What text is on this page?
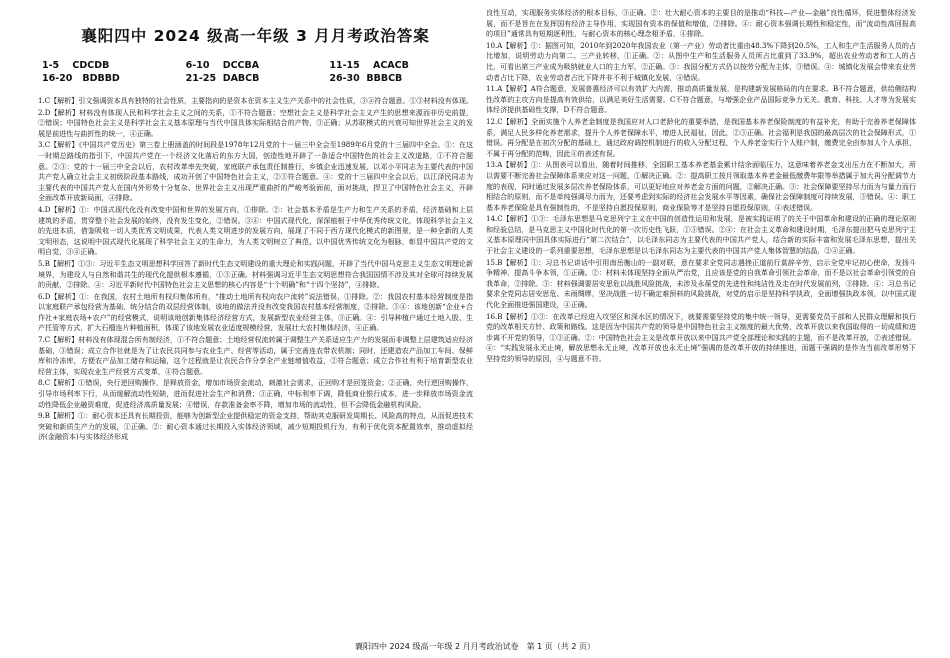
襄阳四中 2024 级高一年级 3 月月考政治答案
1-5 CDCDB	6-10 DCCBA	11-15 ACACB
16-20 BDBBD	21-25 DABCB	26-30 BBBCB

1.C【解析】引文强调资本具有独特的社会性质，主要指向的是资本在资本主义生产关系中的社会性质，③④符合题意。①③材料没有体现。

2.D【解析】材料没有体现人民和科学社会主义之间的关系，①不符合题意；空想社会主义是科学社会主义产生的思想来源而非历史前提，②错误；中国特色社会主义是科学社会主义基本原理与当代中国具体实际相结合的产物，③正确；从苏联模式的兴衰可知世界社会主义的发展是前进性与曲折性的统一，④正确。

3.C【解析】《中国共产党历史》第三卷上册涵盖的时间段是1978年12月党的十一届三中全会至1989年6月党的十三届四中全会。①：在这一时期总路线的指引下，中国共产党在一个经济文化落后的东方大国，创造性地开辟了一条适合中国特色的社会主义改道路，①不符合题意。②③：党的十一届三中全会以后，农村改革率先突破，家庭联产承包责任制推行，乡镇企业迅速发展，以邓小平同志为主要代表的中国共产党人确立社会主义初级阶段基本路线，成功开创了中国特色社会主义，②③符合题意。④：党的十三届四中全会以后，以江泽民同志为主要代表的中国共产党人在国内外形势十分复杂、世界社会主义出现严重曲折的严峻考验面前，面对挑战，捍卫了中国特色社会主义，开辟全面改革开放新局面，④排除。

4.D【解析】①：中国式现代化没有改变中国和世界的发展方向，①排除。②：社会基本矛盾是生产力和生产关系的矛盾，经济基础和上层建筑的矛盾，贯穿整个社会发展的始终，没有发生变化，②错误。③④：中国式现代化，深深植根于中华优秀传统文化，体现科学社会主义的先进本质，借鉴吸收一切人类优秀文明成果，代表人类文明进步的发展方向，展现了不同于西方现代化模式的新图景，是一种全新的人类文明形态，这说明中国式现代化展现了科学社会主义的生命力，为人类文明树立了典范，以中国优秀传统文化为根脉，彰显中国共产党的文明自觉，③④正确。

5.B【解析】①③：习近平生态文明思想科学回答了新时代生态文明建设的重大理论和实践问题，开辟了当代中国马克思主义生态文明理论新境界，为建设人与自然和谐共生的现代化提供根本遵循，①③正确。材料强调习近平生态文明思想符合我国国情不涉及其对全球可持续发展的贡献，②排除。④：习近平新时代中国特色社会主义思想的核心内容是“十个明确”和“十四个坚持”，④排除。

6.D【解析】①：在我国，农村土地所有权归集体所有，“推动土地所有权向农户流转”说法错误，①排除。②：我国农村基本经营制度是指以家庭联产承包经营为基础、统分结合的双层经营体制，该地的做法并没有改变我国农村基本经营制度，②排除。③④：该地创新“企业+合作社+家庭农场+农户”的经营模式，说明该地创新集体经济经营方式，发展新型农业经营主体，③正确。④：引导种植户通过土地入股、生产托管等方式，扩大石榴连片种植面积，体现了该地发展农业适度规模经营，发展壮大农村集体经济，④正确。

7.C【解析】材料没有体现混合所有制经济，①不符合题意；土地经营权流转属于调整生产关系适应生产力的发展而非调整上层建筑适应经济基础，③错误；成立合作社就是为了让农民共同参与农业生产、经营等活动，属于完善连农带农机制；同时，还建造农产品加工车间、保鲜库和冷冻库，方便农产品加工储存和运输，这个过程就是让农民合作分享全产业链增值收益，②符合题意；成立合作社有利于培育新型农业经营主体，实现农业生产经营方式变革，④符合题意。

8.C【解析】①错误，央行逆回购操作，是释放资金，增加市场资金流动，刺激社会需求，正回购才是回笼资金；②正确，央行逆回购操作，引导市场利率下行，从而缓解流动性短缺，进而促进社会生产和消费；③正确，中标利率下调，降低商业银行成本，进一步释放市场资金流动性降低企业融资难度，促进经济高质量发展；④错误，存款准备金率不降，增加市场的流动性，但不会降低金融机构风险。

9.B【解析】①：耐心资本还具有长期投资，能够为创新型企业提供稳定的资金支持，帮助其克服研发周期长、风险高的特点，从而促进技术突破和新质生产力的发展，①正确。②：耐心资本通过长期投入实体经济领域，减少短期投机行为，有利于优化资本配置效率，推动虚拟经济(金融资本)与实体经济形成

良性互动，实现服务实体经济的根本目标，③正确。②：壮大耐心资本的主要目的是推动“科技—产业—金融”良性循环，促进整体经济发展，而不是旨在在发挥国有经济主导作用，实现国有资本的保值和增值，②排除。④：耐心资本强调长期性和稳定性，而“流动性高回报高的项目”通常具有短期逐利性，与耐心资本的核心理念相矛盾，④排除。

10.A【解析】①：据图可知，2010年到2020年我国农业（第一产业）劳动者比重由48.3%下降到20.5%，工人和生产生活服务人员的占比增加，说明劳动力向第二、三产业转移，①正确。②：从图中生产和生活服务人员所占比重到了33.9%，超出农业劳动者和工人的占比，可看出第三产业成为吸纳就业人口的主力军，②正确。③：我国分配方式仍以按劳分配为主体，③错误。④：城镇化发展会带来农业劳动者占比下降，农业劳动者占比下降并非不利于城镇化发展，④错误。

11.A【解析】A符合题意，发展普惠经济可以有效扩大内需，推动高质量发展，是构建新发展格局的内在要求。B不符合题意，供给侧结构性改革的主攻方向是提高有效供给，以满足美好生活需要。C不符合题意，与增强企业产品国际竞争力无关。教育、科技、人才等为发展实体经济提供基础性支撑，D不符合题意。

12.C【解析】全面实施个人养老金制度是我国应对人口老龄化的重要举措，是我国基本养老保险制度的有益补充，有助于完善养老保障体系，满足人民多样化养老需求，提升个人养老保障水平，增进人民福祉，因此，②③正确。社会福利是我国的最高层次的社会保障形式，①错误。再分配是在初次分配的基础上，通过政府调控机制进行的收入分配过程，个人养老金实行个人账户制，缴费完全由参加人个人承担，不属于再分配的范畴，因此④的表述有误。

13.A【解析】①：从图表可以看出，随着时间推移，全国职工基本养老基金累计结余面临压力，这意味着养老金支出压力在不断加大，所以需要不断完善社会保障体系来应对这一问题，①解决正确。②：提高职工按月领取基本养老金最低缴费年限等举措属于加大再分配调节力度的表现，同时通过发展多层次养老保险体系，可以更好地应对养老金方面的问题，②解决正确。③：社会保障要坚持尽力而为与量力而行相结合的原则，而不是单纯强调尽力而为，还要考虑到实际的经济社会发展水平等因素，确保社会保障制度可持续发展，③错误。④：职工基本养老保险是具有强制性的，不是坚持自愿投保原则，商业保险等才是坚持自愿投保原则，④表述错误。

14.C【解析】①③：毛泽东思想是马克思列宁主义在中国的创造性运用和发展，是被实践证明了的关于中国革命和建设的正确的理论原则和经验总结，是马克思主义中国化时代化的第一次历史性飞跃，①③错误。②④：在社会主义革命和建设时期，毛泽东提出把马克思列宁主义基本原理同中国具体实际进行“第二次结合”，以毛泽东同志为主要代表的中国共产党人，结合新的实际丰富和发展毛泽东思想，提出关于社会主义建设的一系列重要思想，毛泽东思想是以毛泽东同志为主要代表的中国共产党人集体智慧的结晶，②④正确。

15.B【解析】①：习总书记讲话中引用南岳衡山的一副对联，意在要求全党同志遇挫正道前行莫辞辛劳，启示全党牢记初心使命，发扬斗争精神，提高斗争本领，①正确。②：材料未体现坚持全面从严治党，且应该是党的自我革命引领社会革命，而不是以社会革命引领党的自我革命，②排除。③：材料强调要居安思危以战胜风险挑战，未涉及永葆党的先进性和纯洁性及走在时代发展前列，③排除。④：习总书记要求全党同志居安思危、未雨绸缪，坚决战胜一切不确定难预料的风险挑战，对党的启示是坚持科学执政，全面增强执政本领，以中国式现代化全面推进强国建设，④正确。

16.B【解析】①③：在改革已经进入攻坚区和深水区的情况下，就要需要坚持党的集中统一领导，更需要党员干部和人民群众理解和执行党的改革相关方针、政策和路线。这是因为中国共产党的领导是中国特色社会主义制度的最大优势，改革开放以来我国取得的一切成绩和进步离不开党的领导，①③正确。②：中国特色社会主义是改革开放以来中国共产党全部理论和实践的主题，而不是改革开放，②表述错误。④：“实践发展永无止境，解放思想永无止境，改革开放也永无止境”强调的是改革开放的持续推进，而题干强调的是作为当前改革形势下坚持党的领导的原因，④与题意不符。

襄阳四中 2024 级高一年级 2 月月考政治试卷　第 1 页（共 2 页）
